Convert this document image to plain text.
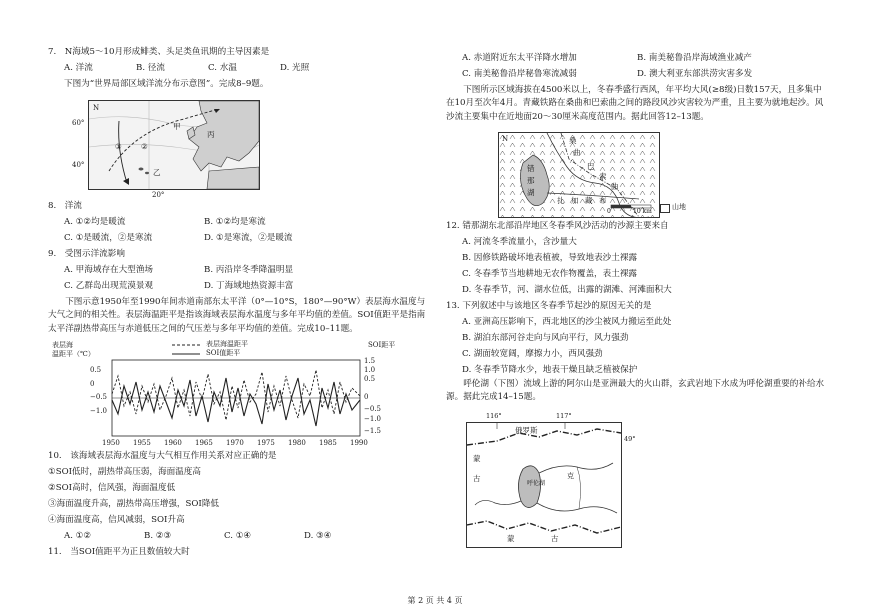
7.　N海域5～10月形成鲱类、头足类鱼讯期的主导因素是
A. 洋流	B. 径流	C. 水温	D. 光照
下图为“世界局部区域洋流分布示意图”。完成8–9题。
①	②
甲
乙
丙
N
60°
40°
20°
8.　洋流
A. ①②均是暖流	B. ①②均是寒流
C. ①是暖流，②是寒流	D. ①是寒流，②是暖流
9.　受图示洋流影响
A. 甲海域存在大型渔场	B. 丙沿岸冬季降温明显
C. 乙群岛出现荒漠景观	D. 丁海域地热资源丰富
下图示意1950年至1990年间赤道南部东太平洋（0°—10°S，180°—90°W）表层海水温度与大气之间的相关性。表层海温距平是指该海域表层海水温度与多年平均值的差值。SOI值距平是指南太平洋副热带高压与赤道低压之间的气压差与多年平均值的差值。完成10–11题。
表层海
温距平（℃）
SOI距平
表层海温距平
SOI值距平
0.5
0
−0.5
−1.0
1.5
1.0
0.5
0
−0.5
−1.0
−1.5
1950 1955 1960 1965 1970 1975 1980 1985 1990
10.　该海域表层海水温度与大气相互作用关系对应正确的是
①SOI低时，副热带高压弱，海面温度高
②SOI高时，信风强，海面温度低
③海面温度升高，副热带高压增强，SOI降低
④海面温度高，信风减弱，SOI升高
A. ①②	B. ②③	C. ①④	D. ③④
11.　当SOI值距平为正且数值较大时
A. 赤道附近东太平洋降水增加	B. 南美秘鲁沿岸海域渔业减产
C. 南美秘鲁沿岸秘鲁寒流减弱	D. 澳大利亚东部洪涝灾害多发
下图所示区域海拔在4500米以上，冬春季盛行西风，年平均大风(≥8级)日数157天，且多集中在10月至次年4月。青藏铁路在桑曲和巴索曲之间的路段风沙灾害较为严重，且主要为就地起沙。风沙流主要集中在近地面20～30厘米高度范围内。据此回答12–13题。
N
错
那
湖
桑
曲
巴
索
曲
扎 加 藏 布
0	10 km
山地
12. 错那湖东北部沿岸地区冬春季风沙活动的沙源主要来自
A. 河流冬季流量小，含沙量大
B. 因修铁路破坏地表植被，导致地表沙土裸露
C. 冬春季节当地耕地无农作物覆盖，表土裸露
D. 冬春季节，河、湖水位低，出露的湖滩、河滩面积大
13. 下列叙述中与该地区冬春季节起沙的原因无关的是
A. 亚洲高压影响下，西北地区的沙尘被风力搬运至此处
B. 湖泊东部河谷走向与风向平行，风力强劲
C. 湖面较宽阔，摩擦力小，西风强劲
D. 冬春季节降水少，地表干燥且缺乏植被保护
呼伦湖（下图）流域上游的阿尔山是亚洲最大的火山群，玄武岩地下水成为呼伦湖重要的补给水源。据此完成14–15题。
俄罗斯
蒙
古
呼伦湖
克
蒙	古
116°	117°
49°
第 2 页 共 4 页
